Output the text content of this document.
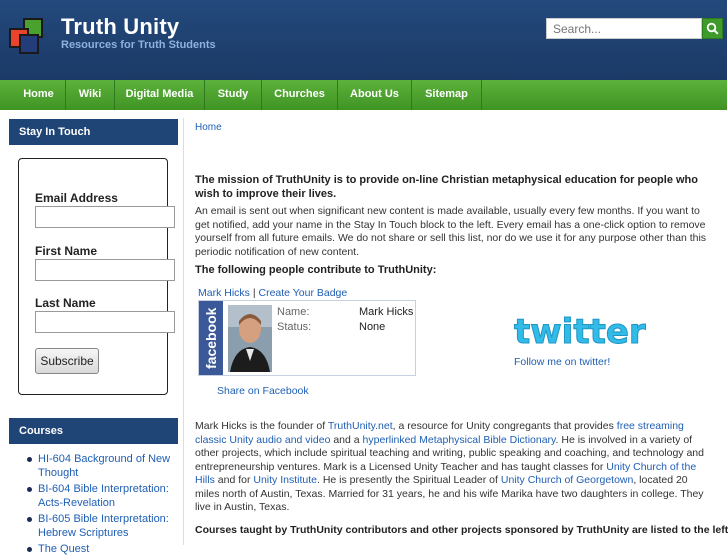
Truth Unity
Resources for Truth Students
Search...
Home	Wiki	Digital Media	Study	Churches	About Us	Sitemap
Stay In Touch
Email Address
First Name
Last Name
Subscribe
Courses
HI-604 Background of New Thought
BI-604 Bible Interpretation: Acts-Revelation
BI-605 Bible Interpretation: Hebrew Scriptures
The Quest
Home
The mission of TruthUnity is to provide on-line Christian metaphysical education for people who wish to improve their lives.
An email is sent out when significant new content is made available, usually every few months. If you want to get notified, add your name in the Stay In Touch block to the left. Every email has a one-click option to remove yourself from all future emails. We do not share or sell this list, nor do we use it for any purpose other than this periodic notification of new content.
The following people contribute to TruthUnity:
Mark Hicks | Create Your Badge
facebook	Name:	Mark Hicks
Status:	None
Share on Facebook
twitter
Follow me on twitter!
Mark Hicks is the founder of TruthUnity.net, a resource for Unity congregants that provides free streaming classic Unity audio and video and a hyperlinked Metaphysical Bible Dictionary. He is involved in a variety of other projects, which include spiritual teaching and writing, public speaking and coaching, and technology and entrepreneurship ventures. Mark is a Licensed Unity Teacher and has taught classes for Unity Church of the Hills and for Unity Institute. He is presently the Spiritual Leader of Unity Church of Georgetown, located 20 miles north of Austin, Texas. Married for 31 years, he and his wife Marika have two daughters in college. They live in Austin, Texas.
Courses taught by TruthUnity contributors and other projects sponsored by TruthUnity are listed to the left
